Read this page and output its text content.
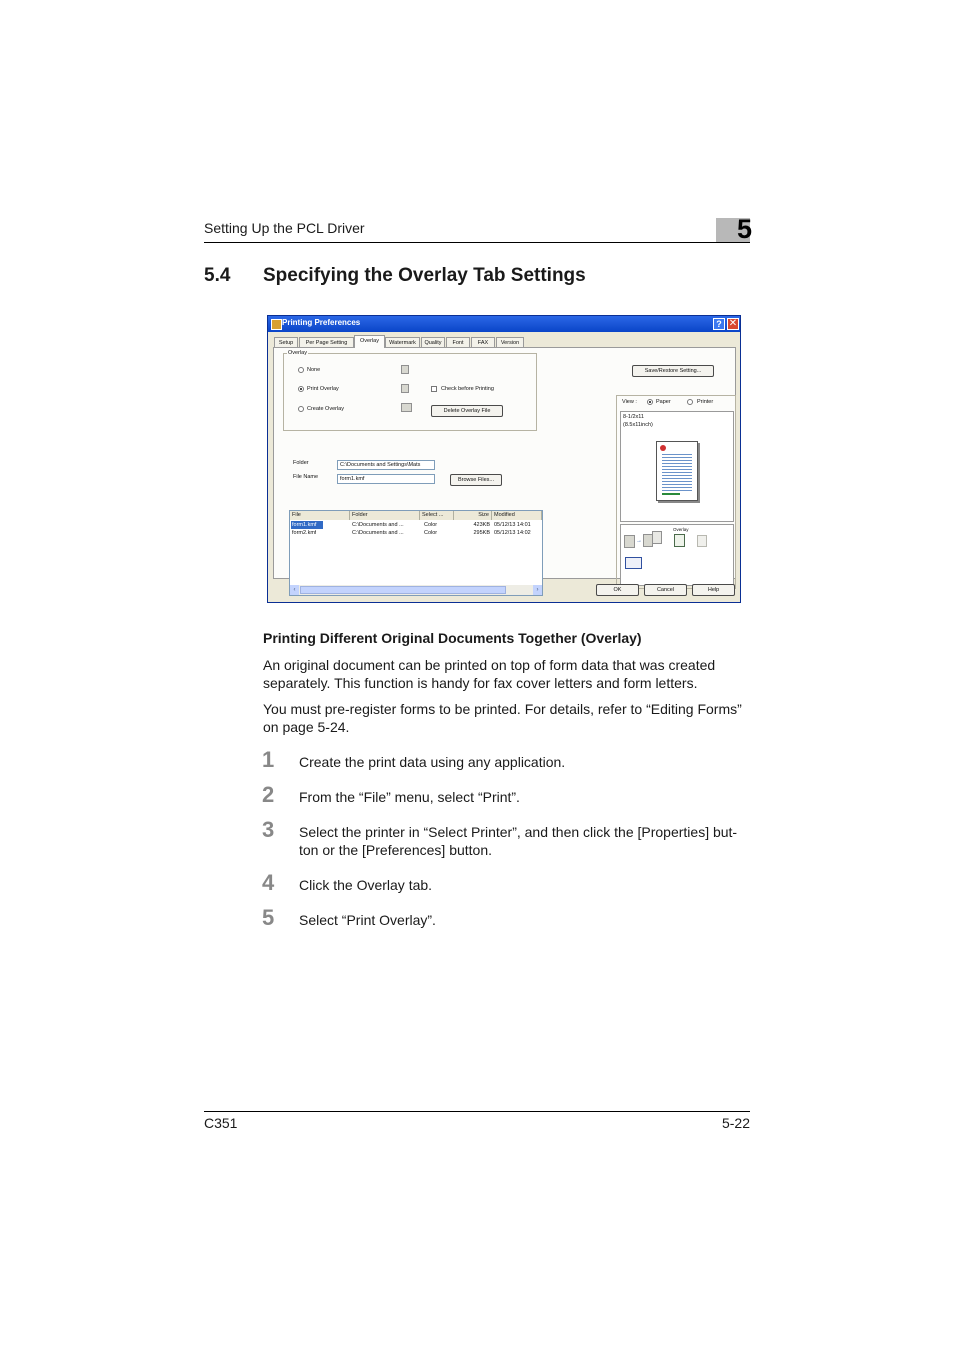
Setting Up the PCL Driver	5
5.4 Specifying the Overlay Tab Settings
Printing Preferences	? ✕
Setup	Per Page Setting	Overlay	Watermark	Quality	Font	FAX	Version
Overlay
None
Print Overlay	Check before Printing
Create Overlay	Delete Overlay File
Folder	C:\Documents and Settings\Mats
File Name	form1.kmf	Browse Files...
File	Folder	Select ...	Size Modified
form1.kmf	C:\Documents and ...	Color	423KB 05/12/13 14:01
form2.kmf	C:\Documents and ...	Color	295KB 05/12/13 14:02
‹	›
Save/Restore Setting...
View :	Paper	Printer
8-1/2x11
(8.5x11inch)
→
Overlay
OK	Cancel	Help
Printing Different Original Documents Together (Overlay)
An original document can be printed on top of form data that was created separately. This function is handy for fax cover letters and form letters.
You must pre-register forms to be printed. For details, refer to “Editing Forms” on page 5-24.
1 Create the print data using any application.
2 From the “File” menu, select “Print”.
3 Select the printer in “Select Printer”, and then click the [Properties] but-ton or the [Preferences] button.
4 Click the Overlay tab.
5 Select “Print Overlay”.
C351	5-22
